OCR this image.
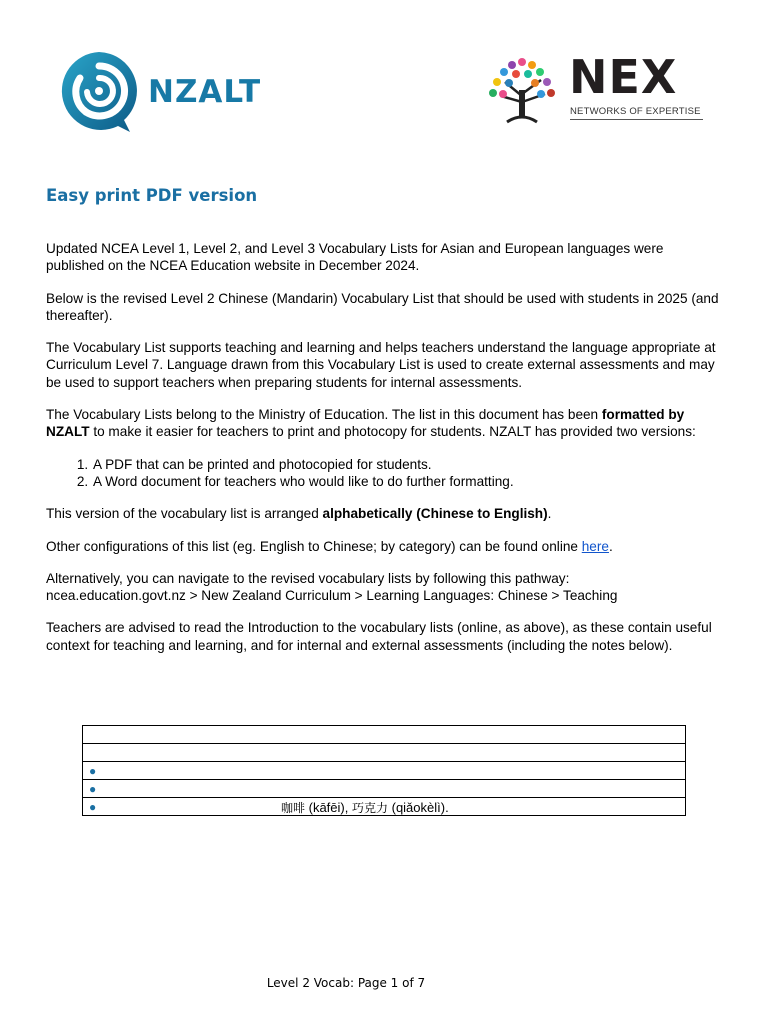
NZALT	NEX
NETWORKS OF EXPERTISE
Easy print PDF version

Updated NCEA Level 1, Level 2, and Level 3 Vocabulary Lists for Asian and European languages were published on the NCEA Education website in December 2024.

Below is the revised Level 2 Chinese (Mandarin) Vocabulary List that should be used with students in 2025 (and thereafter).

The Vocabulary List supports teaching and learning and helps teachers understand the language appropriate at Curriculum Level 7. Language drawn from this Vocabulary List is used to create external assessments and may be used to support teachers when preparing students for internal assessments.

The Vocabulary Lists belong to the Ministry of Education. The list in this document has been formatted by NZALT to make it easier for teachers to print and photocopy for students. NZALT has provided two versions:

1. A PDF that can be printed and photocopied for students.
2. A Word document for teachers who would like to do further formatting.

This version of the vocabulary list is arranged alphabetically (Chinese to English).

Other configurations of this list (eg. English to Chinese; by category) can be found online here.

Alternatively, you can navigate to the revised vocabulary lists by following this pathway:
ncea.education.govt.nz > New Zealand Curriculum > Learning Languages: Chinese > Teaching

Teachers are advised to read the Introduction to the vocabulary lists (online, as above), as these contain useful context for teaching and learning, and for internal and external assessments (including the notes below).

●
●
●	咖啡 (kāfēi), 巧克力 (qiǎokèlì).
Level 2 Vocab: Page 1 of 7
